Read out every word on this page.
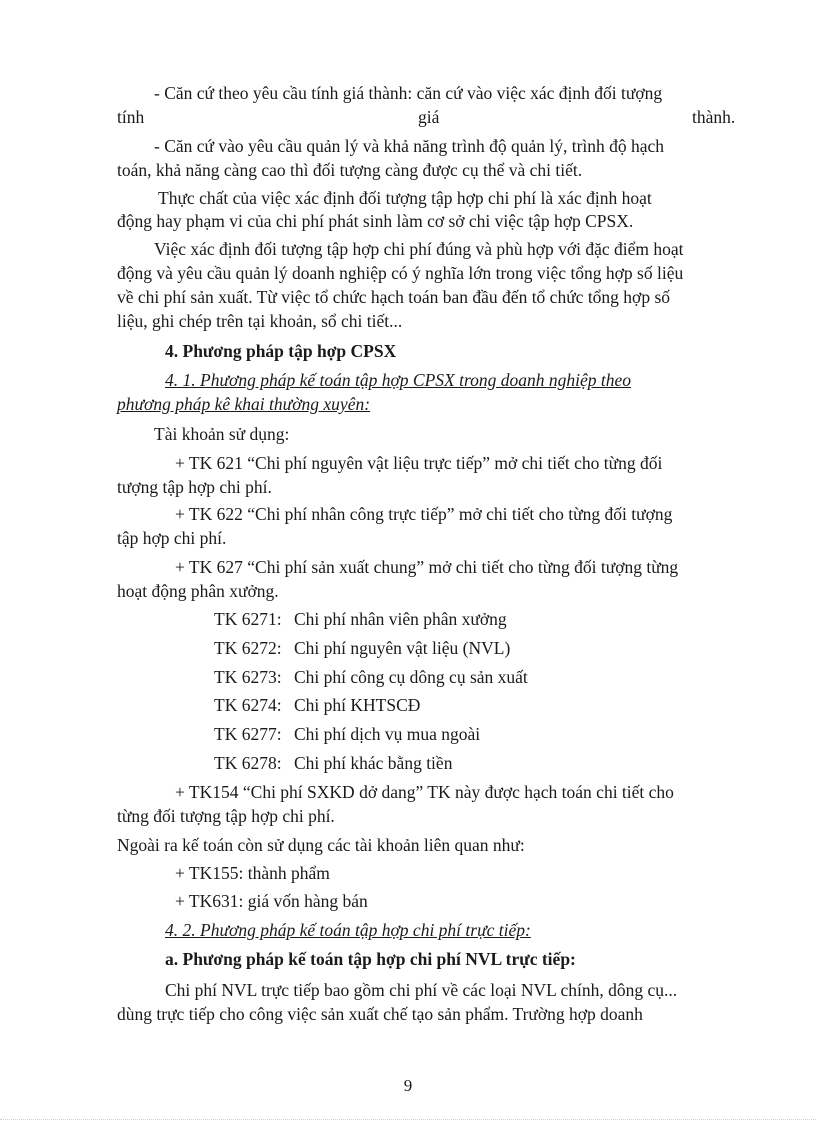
- Căn cứ theo yêu cầu tính giá thành: căn cứ vào việc xác định đối tượng
tính	giá	thành.
- Căn cứ vào yêu cầu quản lý và khả năng trình độ quản lý, trình độ hạch
toán, khả năng càng cao thì đối tượng càng được cụ thể và chi tiết.
Thực chất của việc xác định đối tượng tập hợp chi phí là xác định hoạt
động hay phạm vi của chi phí phát sinh làm cơ sở chi việc tập hợp CPSX.
Việc xác định đối tượng tập hợp chi phí đúng và phù hợp với đặc điểm hoạt
động và yêu cầu quản lý doanh nghiệp có ý nghĩa lớn trong việc tổng hợp số liệu
về chi phí sản xuất. Từ việc tổ chức hạch toán ban đầu đến tổ chức tổng hợp số
liệu, ghi chép trên tại khoản, sổ chi tiết...
4. Phương pháp tập hợp CPSX
4. 1. Phương pháp kế toán tập hợp CPSX trong doanh nghiệp theo
phương pháp kê khai thường xuyên:
Tài khoản sử dụng:
+ TK 621 “Chi phí nguyên vật liệu trực tiếp” mở chi tiết cho từng đối
tượng tập hợp chi phí.
+ TK 622 “Chi phí nhân công trực tiếp” mở chi tiết cho từng đối tượng
tập hợp chi phí.
+ TK 627 “Chi phí sản xuất chung” mở chi tiết cho từng đối tượng từng
hoạt động phân xưởng.
TK 6271: Chi phí nhân viên phân xưởng
TK 6272: Chi phí nguyên vật liệu (NVL)
TK 6273: Chi phí công cụ dông cụ sản xuất
TK 6274: Chi phí KHTSCĐ
TK 6277: Chi phí dịch vụ mua ngoài
TK 6278: Chi phí khác bằng tiền
+ TK154 “Chi phí SXKD dở dang” TK này được hạch toán chi tiết cho
từng đối tượng tập hợp chi phí.
Ngoài ra kế toán còn sử dụng các tài khoản liên quan như:
+ TK155: thành phẩm
+ TK631: giá vốn hàng bán
4. 2. Phương pháp kế toán tập hợp chi phí trực tiếp:
a. Phương pháp kế toán tập hợp chi phí NVL trực tiếp:
Chi phí NVL trực tiếp bao gồm chi phí về các loại NVL chính, dông cụ...
dùng trực tiếp cho công việc sản xuất chế tạo sản phẩm. Trường hợp doanh
9
